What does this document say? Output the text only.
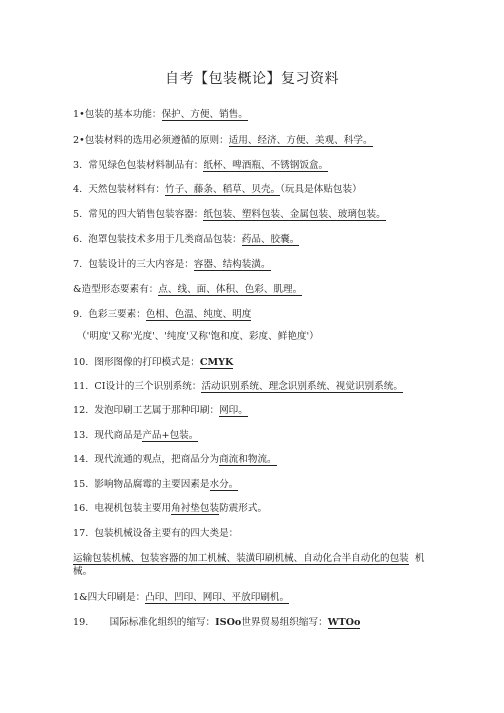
自考【包装概论】复习资料
1•包装的基本功能：保护、方便、销售。
2•包装材料的选用必须遵循的原则：适用、经济、方便、美观、科学。
3. 常见绿色包装材料制品有：纸杯、啤酒瓶、不锈钢饭盒。
4. 天然包装材料有：竹子、藤条、稻草、贝壳。（玩具是体贴包装）
5. 常见的四大销售包装容器：纸包装、塑料包装、金属包装、玻璃包装。
6. 泡罩包装技术多用于几类商品包装：药品、胶囊。
7. 包装设计的三大内容是：容器、结构装潢。
&造型形态要素有：点、线、面、体积、色彩、肌理。
9. 色彩三要素：色相、色温、纯度、明度
（'明度'又称'光度'、'纯度'又称'饱和度、彩度、鲜艳度'）
10. 图形图像的打印模式是：CMYK
11. CI设计的三个识别系统：活动识别系统、理念识别系统、视觉识别系统。
12. 发泡印刷工艺属于那种印刷：网印。
13. 现代商品是产品+包装。
14. 现代流通的观点，把商品分为商流和物流。
15. 影响物品腐霉的主要因素是水分。
16. 电视机包装主要用角衬垫包装防震形式。
17. 包装机械设备主要有的四大类是：
运输包装机械、包装容器的加工机械、装潢印刷机械、自动化合半自动化的包装 机
械。
1&四大印刷是：凸印、凹印、网印、平放印刷机。
19. 国际标准化组织的缩写：ISOo世界贸易组织缩写：WTOo
